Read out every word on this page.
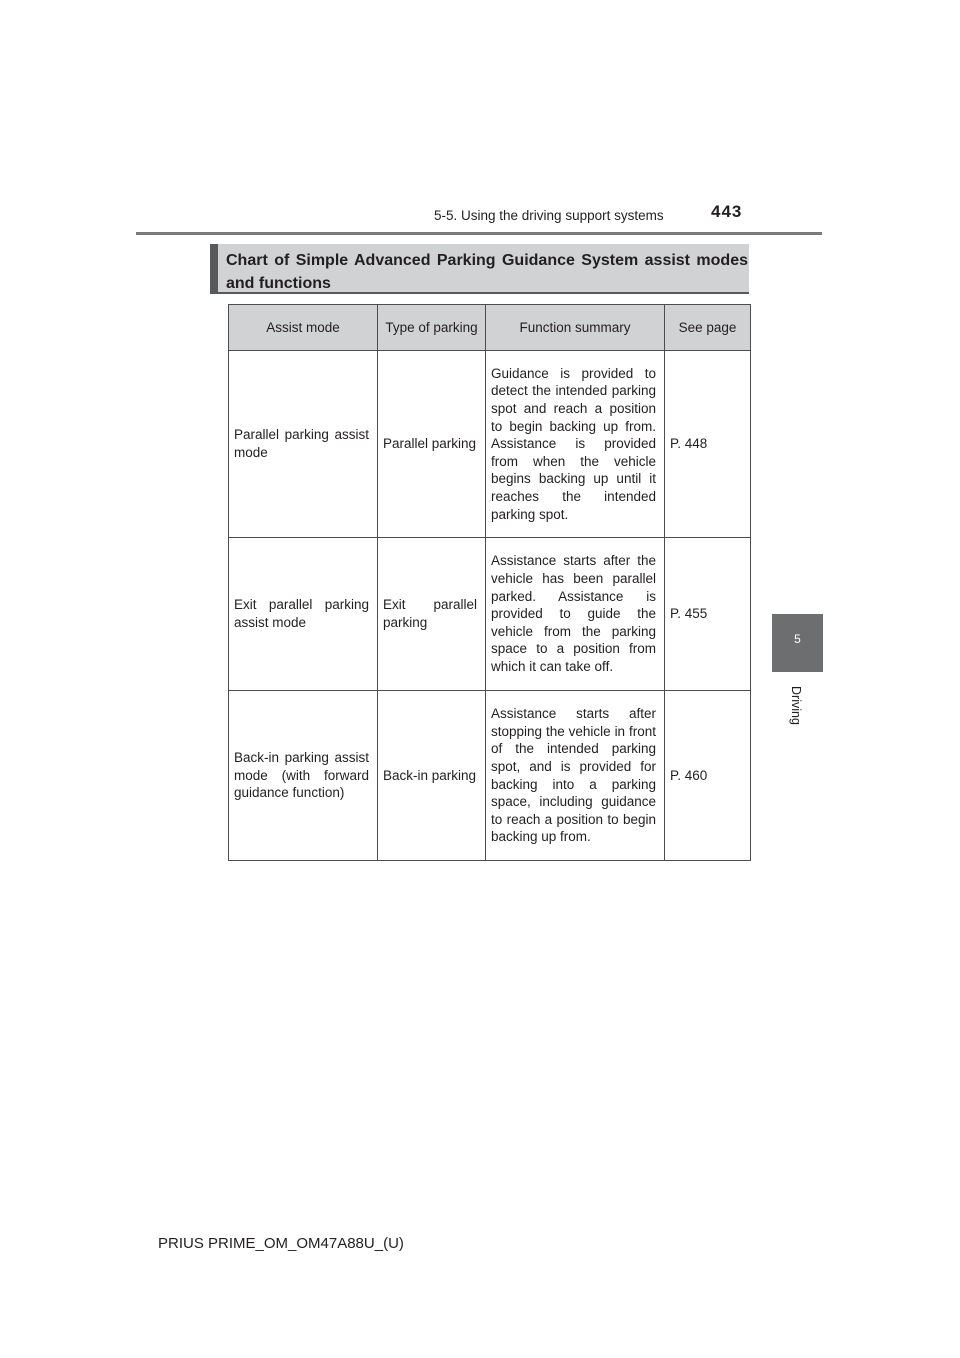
5-5. Using the driving support systems	443
5
Driving
Chart of Simple Advanced Parking Guidance System assist modes and functions
Assist mode	Type of parking	Function summary	See page
Parallel parking assist mode	Parallel parking	Guidance is provided to detect the intended parking spot and reach a position to begin backing up from. Assistance is provided from when the vehicle begins backing up until it reaches the intended parking spot.	P. 448
Exit parallel parking assist mode	Exit parallel parking	Assistance starts after the vehicle has been parallel parked. Assistance is provided to guide the vehicle from the parking space to a position from which it can take off.	P. 455
Back-in parking assist mode (with forward guidance function)	Back-in parking	Assistance starts after stopping the vehicle in front of the intended parking spot, and is provided for backing into a parking space, including guidance to reach a position to begin backing up from.	P. 460
PRIUS PRIME_OM_OM47A88U_(U)
